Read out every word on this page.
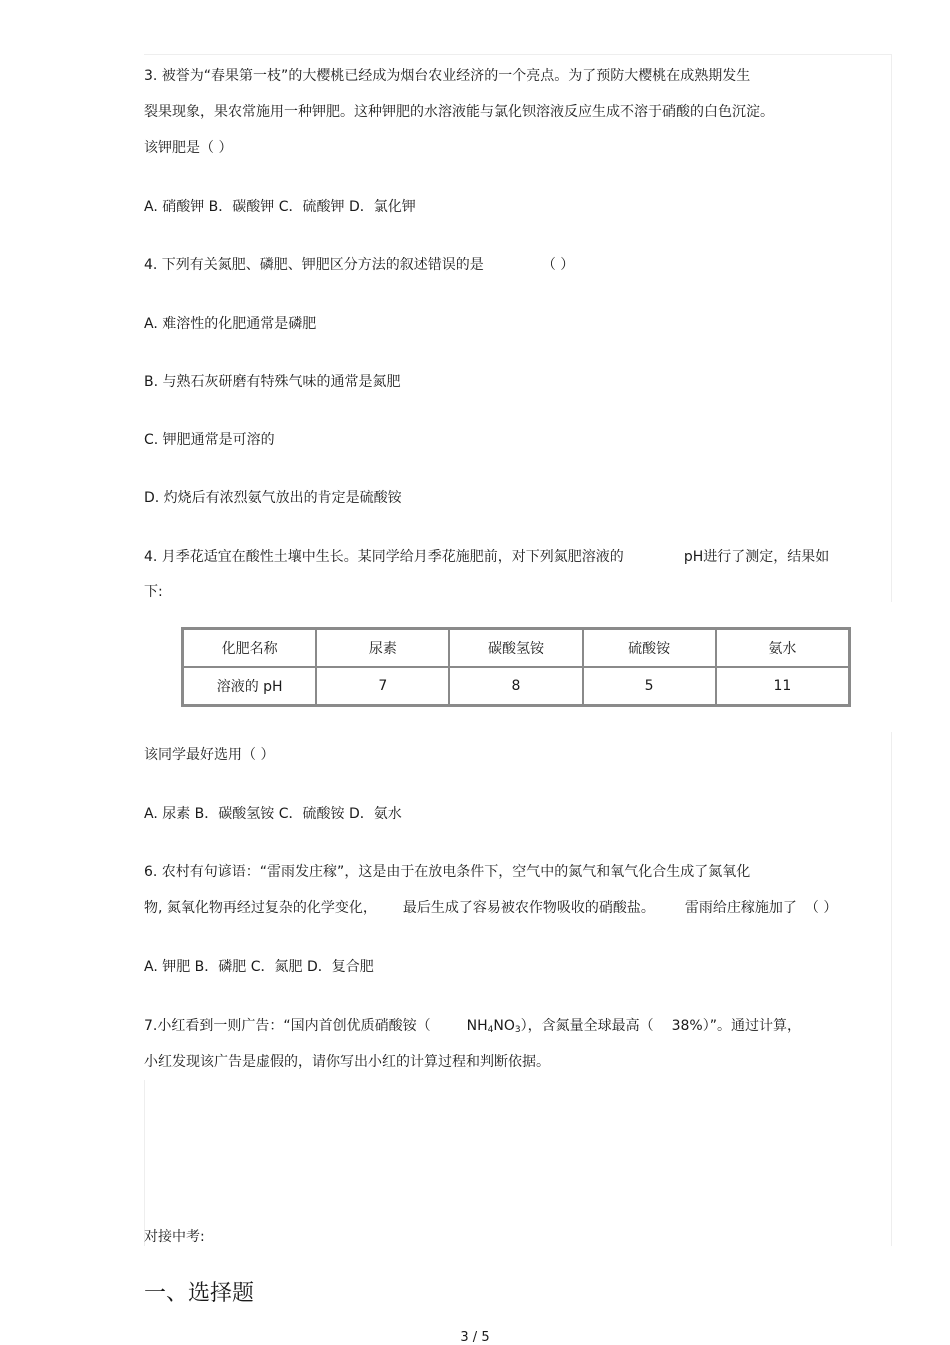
3. 被誉为“春果第一枝”的大樱桃已经成为烟台农业经济的一个亮点。为了预防大樱桃在成熟期发生
裂果现象，果农常施用一种钾肥。这种钾肥的水溶液能与氯化钡溶液反应生成不溶于硝酸的白色沉淀。
该钾肥是（ ）
A. 硝酸钾 B．碳酸钾 C．硫酸钾 D．氯化钾
4. 下列有关氮肥、磷肥、钾肥区分方法的叙述错误的是	（ ）
A. 难溶性的化肥通常是磷肥
B. 与熟石灰研磨有特殊气味的通常是氮肥
C. 钾肥通常是可溶的
D. 灼烧后有浓烈氨气放出的肯定是硫酸铵
4. 月季花适宜在酸性土壤中生长。某同学给月季花施肥前，对下列氮肥溶液的	pH进行了测定，结果如
下:
化肥名称	尿素	碳酸氢铵	硫酸铵	氨水
溶液的 pH	7	8	5	11
该同学最好选用（ ）
A. 尿素 B．碳酸氢铵 C．硫酸铵 D．氨水
6. 农村有句谚语：“雷雨发庄稼”，这是由于在放电条件下，空气中的氮气和氧气化合生成了氮氧化
物, 氮氧化物再经过复杂的化学变化， 最后生成了容易被农作物吸收的硝酸盐。 雷雨给庄稼施加了 （ ）
A. 钾肥 B．磷肥 C．氮肥 D．复合肥
7.小红看到一则广告：“国内首创优质硝酸铵（	$NH_4NO_3$），含氮量全球最高（ 38%）”。通过计算，
小红发现该广告是虚假的，请你写出小红的计算过程和判断依据。
对接中考:
一、选择题
3 / 5
